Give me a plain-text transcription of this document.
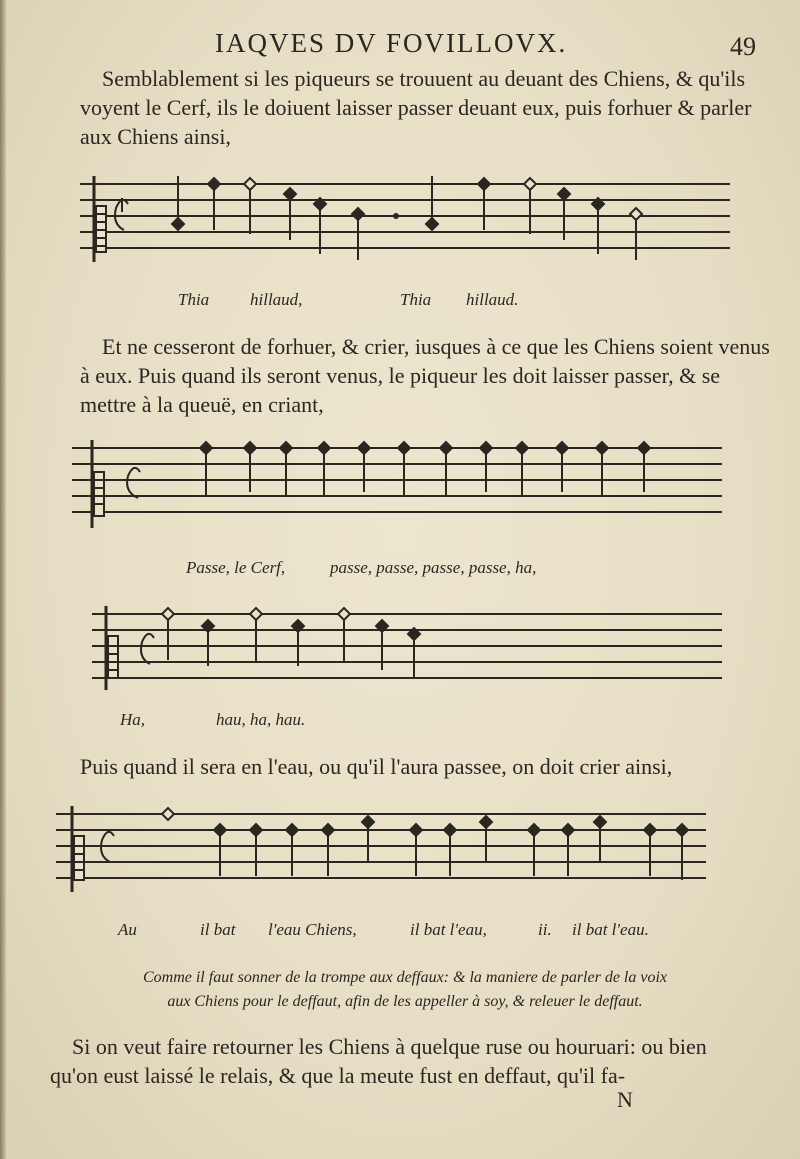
IAQVES DV FOVILLOVX.	49

Semblablement si les piqueurs se trouuent au deuant des Chiens, & qu'ils voyent le Cerf, ils le doiuent laisser passer deuant eux, puis forhuer & parler aux Chiens ainsi,

Thia hillaud,	Thia hillaud.

Et ne cesseront de forhuer, & crier, iusques à ce que les Chiens soient venus à eux. Puis quand ils seront venus, le piqueur les doit laisser passer, & se mettre à la queuë, en criant,

Passe, le Cerf,	passe, passe, passe, passe, ha,
Ha,	hau, ha, hau.

Puis quand il sera en l'eau, ou qu'il l'aura passee, on doit crier ainsi,

Au	il bat l'eau Chiens,	il bat l'eau,	ii. il bat l'eau.
Comme il faut sonner de la trompe aux deffaux: & la maniere de parler de la voix
aux Chiens pour le deffaut, afin de les appeller à soy, & releuer le deffaut.

Si on veut faire retourner les Chiens à quelque ruse ou houruari: ou bien qu'on eust laissé le relais, & que la meute fust en deffaut, qu'il fa-

N
